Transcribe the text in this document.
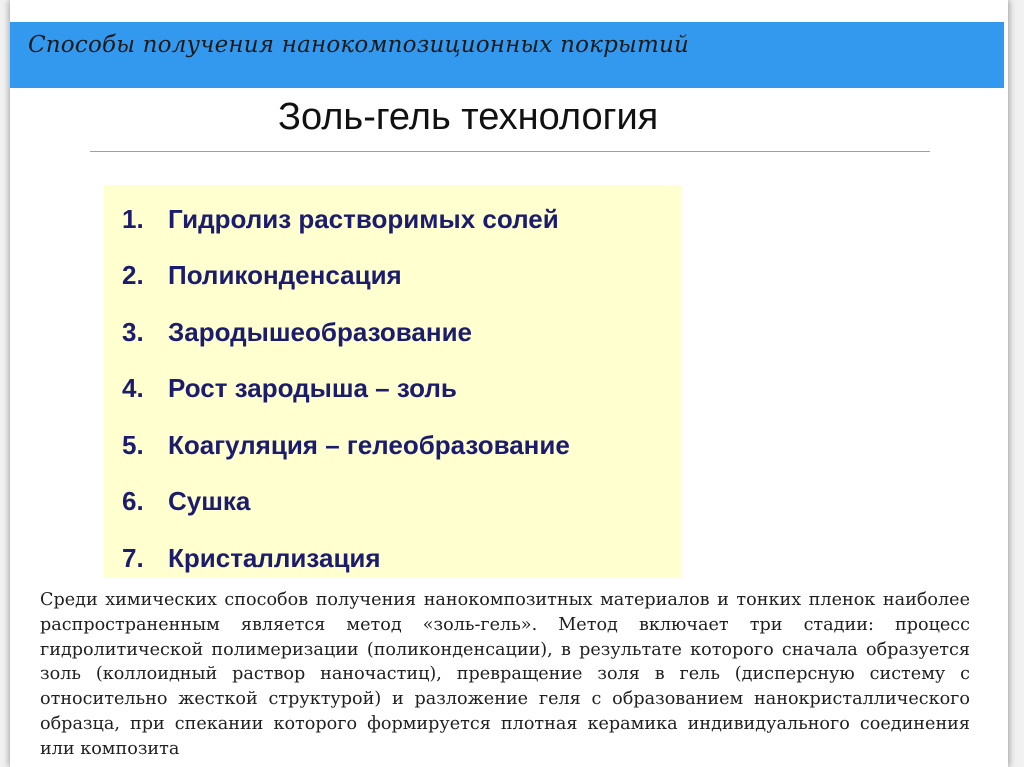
Способы получения нанокомпозиционных покрытий
Золь-гель технология
1. Гидролиз растворимых солей
2. Поликонденсация
3. Зародышеобразование
4. Рост зародыша – золь
5. Коагуляция – гелеобразование
6. Сушка
7. Кристаллизация

Среди химических способов получения нанокомпозитных материалов и тонких пленок наиболее распространенным является метод «золь-гель». Метод включает три стадии: процесс гидролитической полимеризации (поликонденсации), в результате которого сначала образуется золь (коллоидный раствор наночастиц), превращение золя в гель (дисперсную систему с относительно жесткой структурой) и разложение геля с образованием нанокристаллического образца, при спекании которого формируется плотная керамика индивидуального соединения или композита
